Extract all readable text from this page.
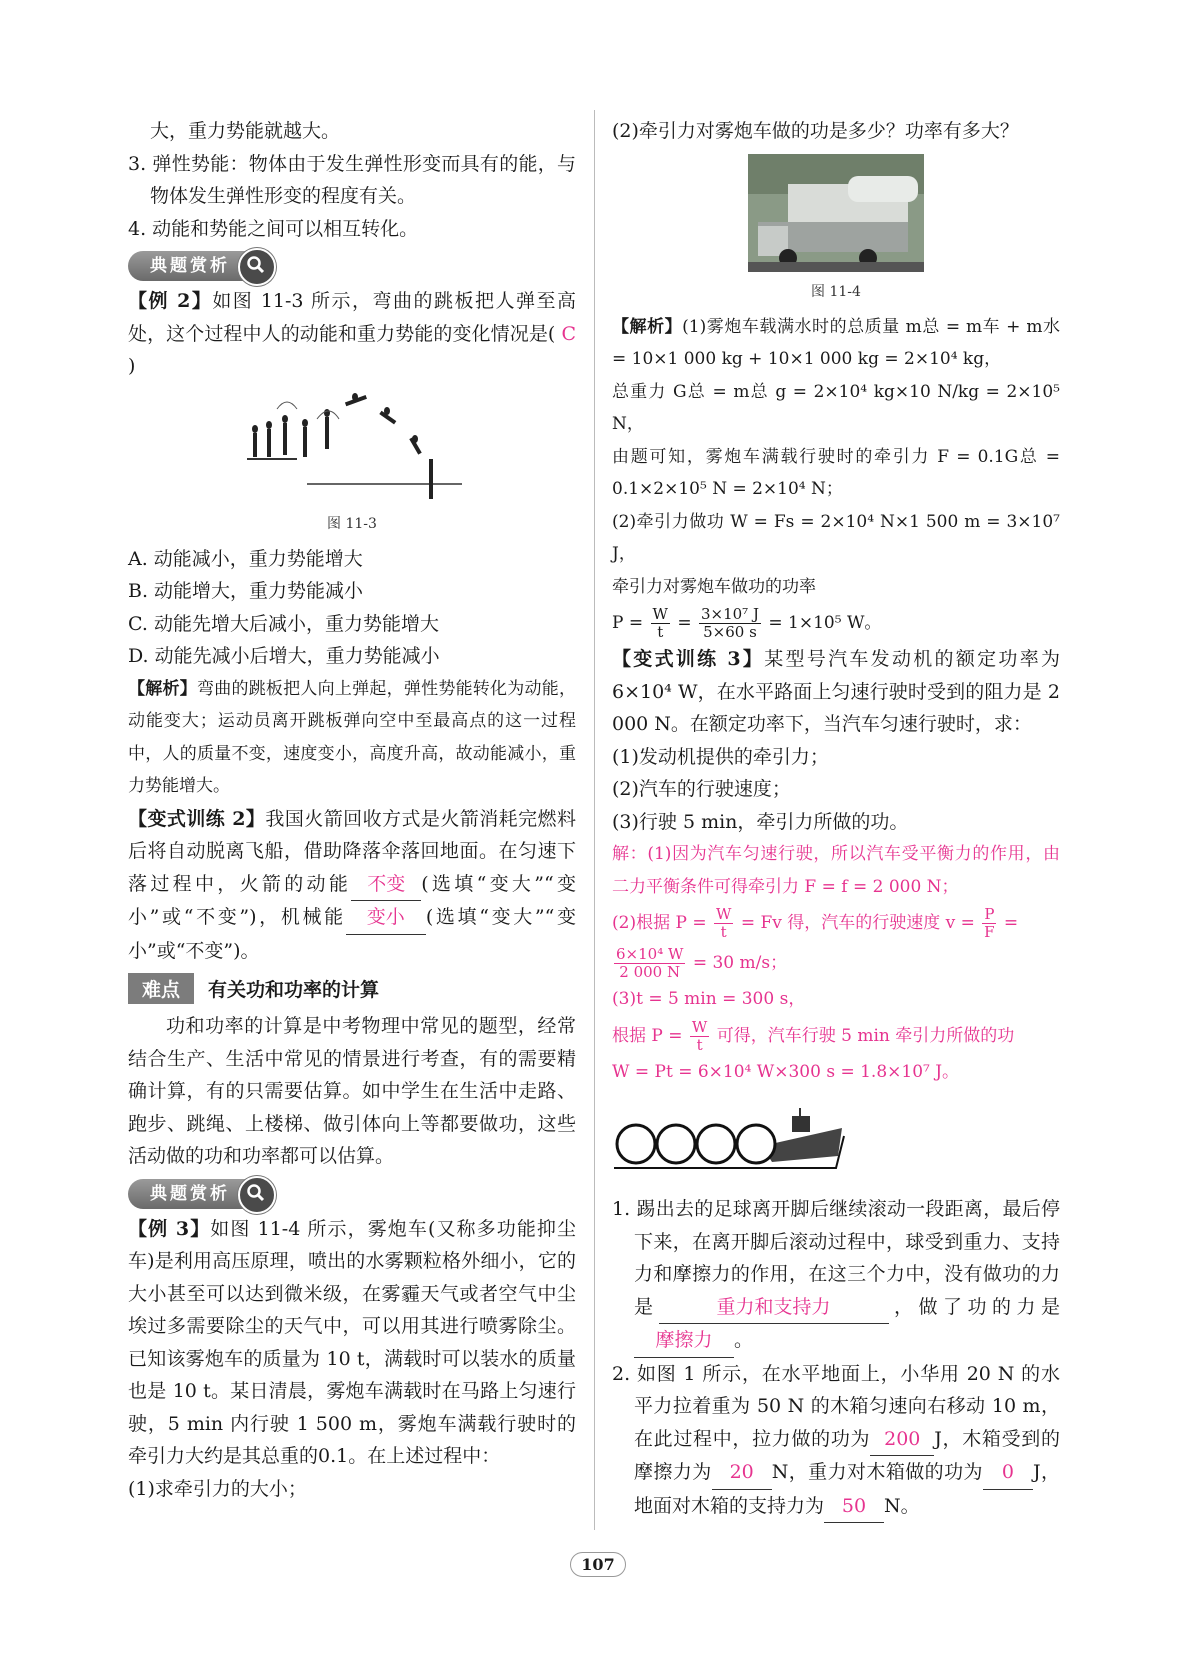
大，重力势能就越大。

3. 弹性势能：物体由于发生弹性形变而具有的能，与物体发生弹性形变的程度有关。

4. 动能和势能之间可以相互转化。

典题赏析

【例 2】如图 11-3 所示，弯曲的跳板把人弹至高处，这个过程中人的动能和重力势能的变化情况是( C )

图 11-3

A. 动能减小，重力势能增大

B. 动能增大，重力势能减小

C. 动能先增大后减小，重力势能增大

D. 动能先减小后增大，重力势能减小

【解析】弯曲的跳板把人向上弹起，弹性势能转化为动能，动能变大；运动员离开跳板弹向空中至最高点的这一过程中，人的质量不变，速度变小，高度升高，故动能减小，重力势能增大。

【变式训练 2】我国火箭回收方式是火箭消耗完燃料后将自动脱离飞船，借助降落伞落回地面。在匀速下落过程中，火箭的动能 不变 (选填“变大”“变小”或“不变”)，机械能 变小 (选填“变大”“变小”或“不变”)。

难点	有关功和功率的计算

功和功率的计算是中考物理中常见的题型，经常结合生产、生活中常见的情景进行考查，有的需要精确计算，有的只需要估算。如中学生在生活中走路、跑步、跳绳、上楼梯、做引体向上等都要做功，这些活动做的功和功率都可以估算。

典题赏析

【例 3】如图 11-4 所示，雾炮车(又称多功能抑尘车)是利用高压原理，喷出的水雾颗粒格外细小，它的大小甚至可以达到微米级，在雾霾天气或者空气中尘埃过多需要除尘的天气中，可以用其进行喷雾除尘。已知该雾炮车的质量为 10 t，满载时可以装水的质量也是 10 t。某日清晨，雾炮车满载时在马路上匀速行驶，5 min 内行驶 1 500 m，雾炮车满载行驶时的牵引力大约是其总重的0.1。在上述过程中：

(1)求牵引力的大小；

(2)牵引力对雾炮车做的功是多少？功率有多大？

图 11-4

【解析】(1)雾炮车载满水时的总质量 m总 = m车 + m水 = 10×1 000 kg + 10×1 000 kg = 2×10⁴ kg，

总重力 G总 = m总 g = 2×10⁴ kg×10 N/kg = 2×10⁵ N，

由题可知，雾炮车满载行驶时的牵引力 F = 0.1G总 = 0.1×2×10⁵ N = 2×10⁴ N；

(2)牵引力做功 W = Fs = 2×10⁴ N×1 500 m = 3×10⁷ J，

牵引力对雾炮车做功的功率

$P = \frac{W}{t} = \frac{\text{3×10⁷ J}}{5\times 60 s} = 1\times 10^5$ W。

【变式训练 3】某型号汽车发动机的额定功率为 6×10⁴ W，在水平路面上匀速行驶时受到的阻力是 2 000 N。在额定功率下，当汽车匀速行驶时，求：

(1)发动机提供的牵引力；

(2)汽车的行驶速度；

(3)行驶 5 min，牵引力所做的功。

解：(1)因为汽车匀速行驶，所以汽车受平衡力的作用，由二力平衡条件可得牵引力 F = f = 2 000 N；

(2)根据 $P = \frac{W}{t} = Fv$ 得，汽车的行驶速度 $v = \frac{P}{F}$ =

$\frac{\text{6×10⁴ W}}{2 000 N} = 30$ m/s；

(3)t = 5 min = 300 s，

根据 $P = \frac{W}{t}$ 可得，汽车行驶 5 min 牵引力所做的功

W = Pt = 6×10⁴ W×300 s = 1.8×10⁷ J。

1. 踢出去的足球离开脚后继续滚动一段距离，最后停下来，在离开脚后滚动过程中，球受到重力、支持力和摩擦力的作用，在这三个力中，没有做功的力是	重力和支持力	，做了功的力是摩擦力 。

2. 如图 1 所示，在水平地面上，小华用 20 N 的水平力拉着重为 50 N 的木箱匀速向右移动 10 m，在此过程中，拉力做的功为 200 J，木箱受到的摩擦力为 20 N，重力对木箱做的功为 0 J，地面对木箱的支持力为 50 N。

107
